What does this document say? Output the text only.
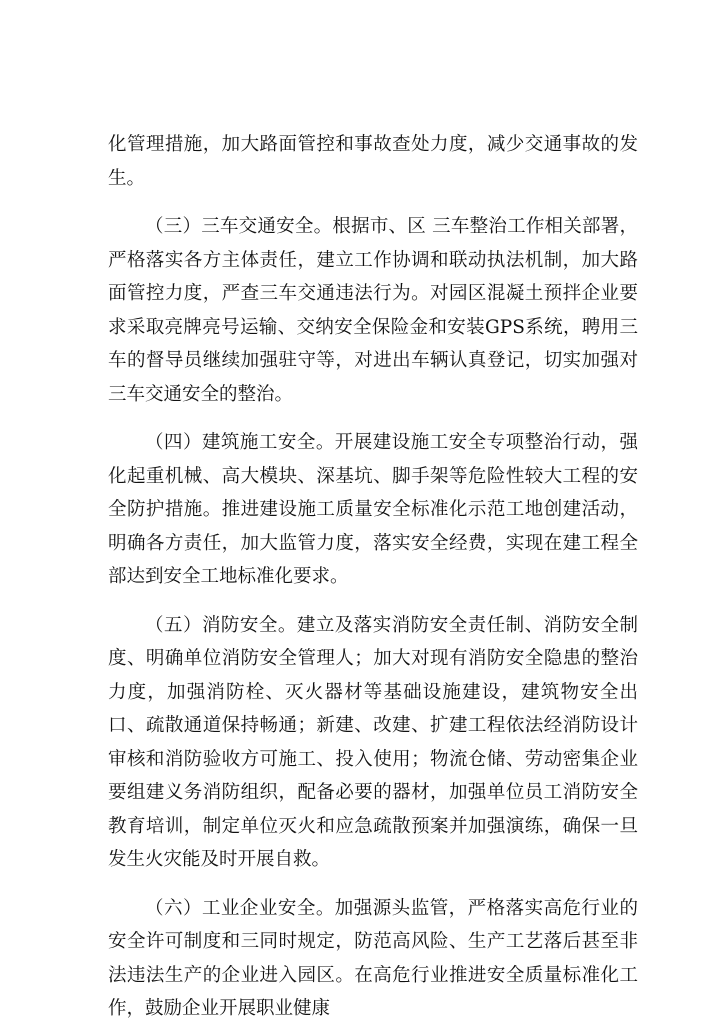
化管理措施，加大路面管控和事故查处力度，减少交通事故的发生。

（三）三车交通安全。根据市、区 三车整治工作相关部署，严格落实各方主体责任，建立工作协调和联动执法机制，加大路面管控力度，严查三车交通违法行为。对园区混凝土预拌企业要求采取亮牌亮号运输、交纳安全保险金和安装GPS系统，聘用三车的督导员继续加强驻守等，对进出车辆认真登记，切实加强对三车交通安全的整治。

（四）建筑施工安全。开展建设施工安全专项整治行动，强化起重机械、高大模块、深基坑、脚手架等危险性较大工程的安全防护措施。推进建设施工质量安全标准化示范工地创建活动，明确各方责任，加大监管力度，落实安全经费，实现在建工程全部达到安全工地标准化要求。

（五）消防安全。建立及落实消防安全责任制、消防安全制度、明确单位消防安全管理人；加大对现有消防安全隐患的整治力度，加强消防栓、灭火器材等基础设施建设，建筑物安全出口、疏散通道保持畅通；新建、改建、扩建工程依法经消防设计审核和消防验收方可施工、投入使用；物流仓储、劳动密集企业要组建义务消防组织，配备必要的器材，加强单位员工消防安全教育培训，制定单位灭火和应急疏散预案并加强演练，确保一旦发生火灾能及时开展自救。

（六）工业企业安全。加强源头监管，严格落实高危行业的安全许可制度和三同时规定，防范高风险、生产工艺落后甚至非法违法生产的企业进入园区。在高危行业推进安全质量标准化工作，鼓励企业开展职业健康
